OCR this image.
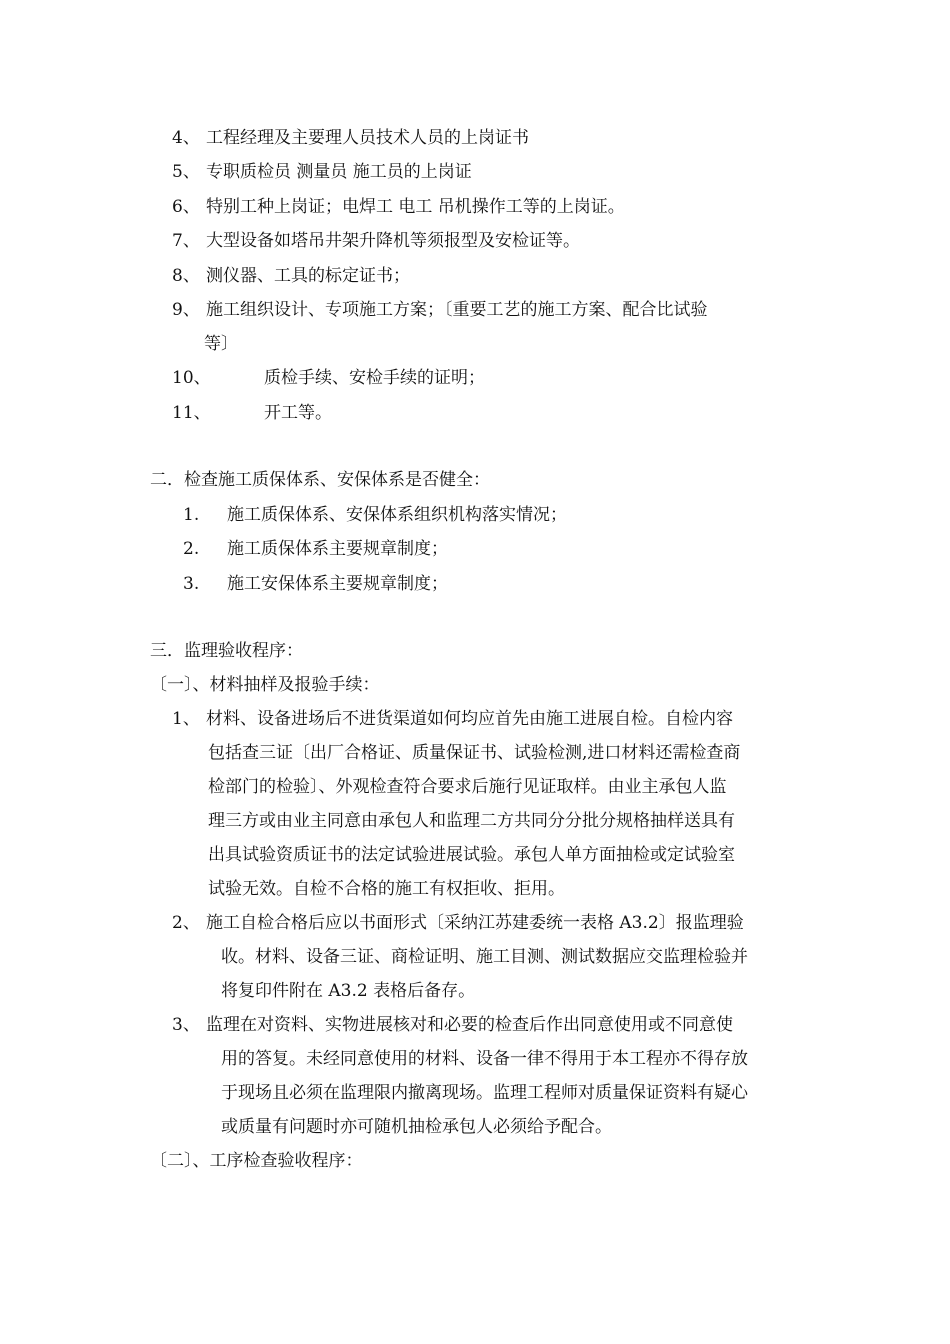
4、 工程经理及主要理人员技术人员的上岗证书
5、 专职质检员 测量员 施工员的上岗证
6、 特别工种上岗证；电焊工 电工 吊机操作工等的上岗证。
7、 大型设备如塔吊井架升降机等须报型及安检证等。
8、 测仪器、工具的标定证书；
9、 施工组织设计、专项施工方案；〔重要工艺的施工方案、配合比试验
等〕
10、	质检手续、安检手续的证明；
11、	开工等。
二．检查施工质保体系、安保体系是否健全：
1. 施工质保体系、安保体系组织机构落实情况；
2. 施工质保体系主要规章制度；
3. 施工安保体系主要规章制度；
三．监理验收程序：
〔一〕、材料抽样及报验手续：
1、 材料、设备进场后不进货渠道如何均应首先由施工进展自检。自检内容
包括查三证〔出厂合格证、质量保证书、试验检测,进口材料还需检查商
检部门的检验〕、外观检查符合要求后施行见证取样。由业主承包人监
理三方或由业主同意由承包人和监理二方共同分分批分规格抽样送具有
出具试验资质证书的法定试验进展试验。承包人单方面抽检或定试验室
试验无效。自检不合格的施工有权拒收、拒用。
2、 施工自检合格后应以书面形式〔采纳江苏建委统一表格 A3.2〕报监理验
收。材料、设备三证、商检证明、施工目测、测试数据应交监理检验并
将复印件附在 A3.2 表格后备存。
3、 监理在对资料、实物进展核对和必要的检查后作出同意使用或不同意使
用的答复。未经同意使用的材料、设备一律不得用于本工程亦不得存放
于现场且必须在监理限内撤离现场。监理工程师对质量保证资料有疑心
或质量有问题时亦可随机抽检承包人必须给予配合。
〔二〕、工序检查验收程序：
